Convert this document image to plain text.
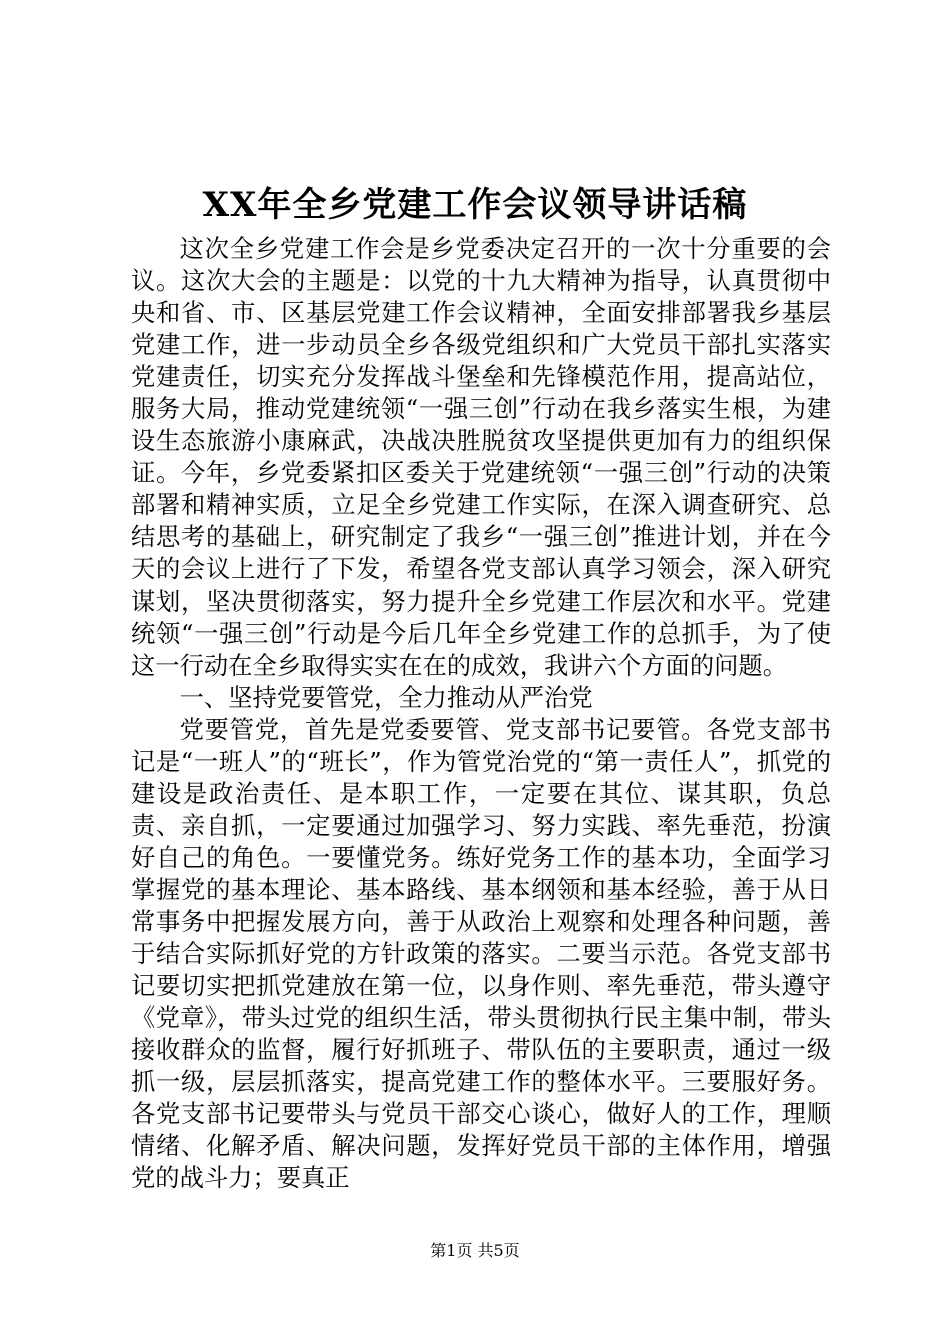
XX年全乡党建工作会议领导讲话稿

这次全乡党建工作会是乡党委决定召开的一次十分重要的会议。这次大会的主题是：以党的十九大精神为指导，认真贯彻中央和省、市、区基层党建工作会议精神，全面安排部署我乡基层党建工作，进一步动员全乡各级党组织和广大党员干部扎实落实党建责任，切实充分发挥战斗堡垒和先锋模范作用，提高站位，服务大局，推动党建统领“一强三创”行动在我乡落实生根，为建设生态旅游小康麻武，决战决胜脱贫攻坚提供更加有力的组织保证。今年，乡党委紧扣区委关于党建统领“一强三创”行动的决策部署和精神实质，立足全乡党建工作实际，在深入调查研究、总结思考的基础上，研究制定了我乡“一强三创”推进计划，并在今天的会议上进行了下发，希望各党支部认真学习领会，深入研究谋划，坚决贯彻落实，努力提升全乡党建工作层次和水平。党建统领“一强三创”行动是今后几年全乡党建工作的总抓手，为了使这一行动在全乡取得实实在在的成效，我讲六个方面的问题。

一、坚持党要管党，全力推动从严治党

党要管党，首先是党委要管、党支部书记要管。各党支部书记是“一班人”的“班长”，作为管党治党的“第一责任人”，抓党的建设是政治责任、是本职工作，一定要在其位、谋其职，负总责、亲自抓，一定要通过加强学习、努力实践、率先垂范，扮演好自己的角色。一要懂党务。练好党务工作的基本功，全面学习掌握党的基本理论、基本路线、基本纲领和基本经验，善于从日常事务中把握发展方向，善于从政治上观察和处理各种问题，善于结合实际抓好党的方针政策的落实。二要当示范。各党支部书记要切实把抓党建放在第一位，以身作则、率先垂范，带头遵守《党章》，带头过党的组织生活，带头贯彻执行民主集中制，带头接收群众的监督，履行好抓班子、带队伍的主要职责，通过一级抓一级，层层抓落实，提高党建工作的整体水平。三要服好务。各党支部书记要带头与党员干部交心谈心，做好人的工作，理顺情绪、化解矛盾、解决问题，发挥好党员干部的主体作用，增强党的战斗力；要真正

第1页 共5页
